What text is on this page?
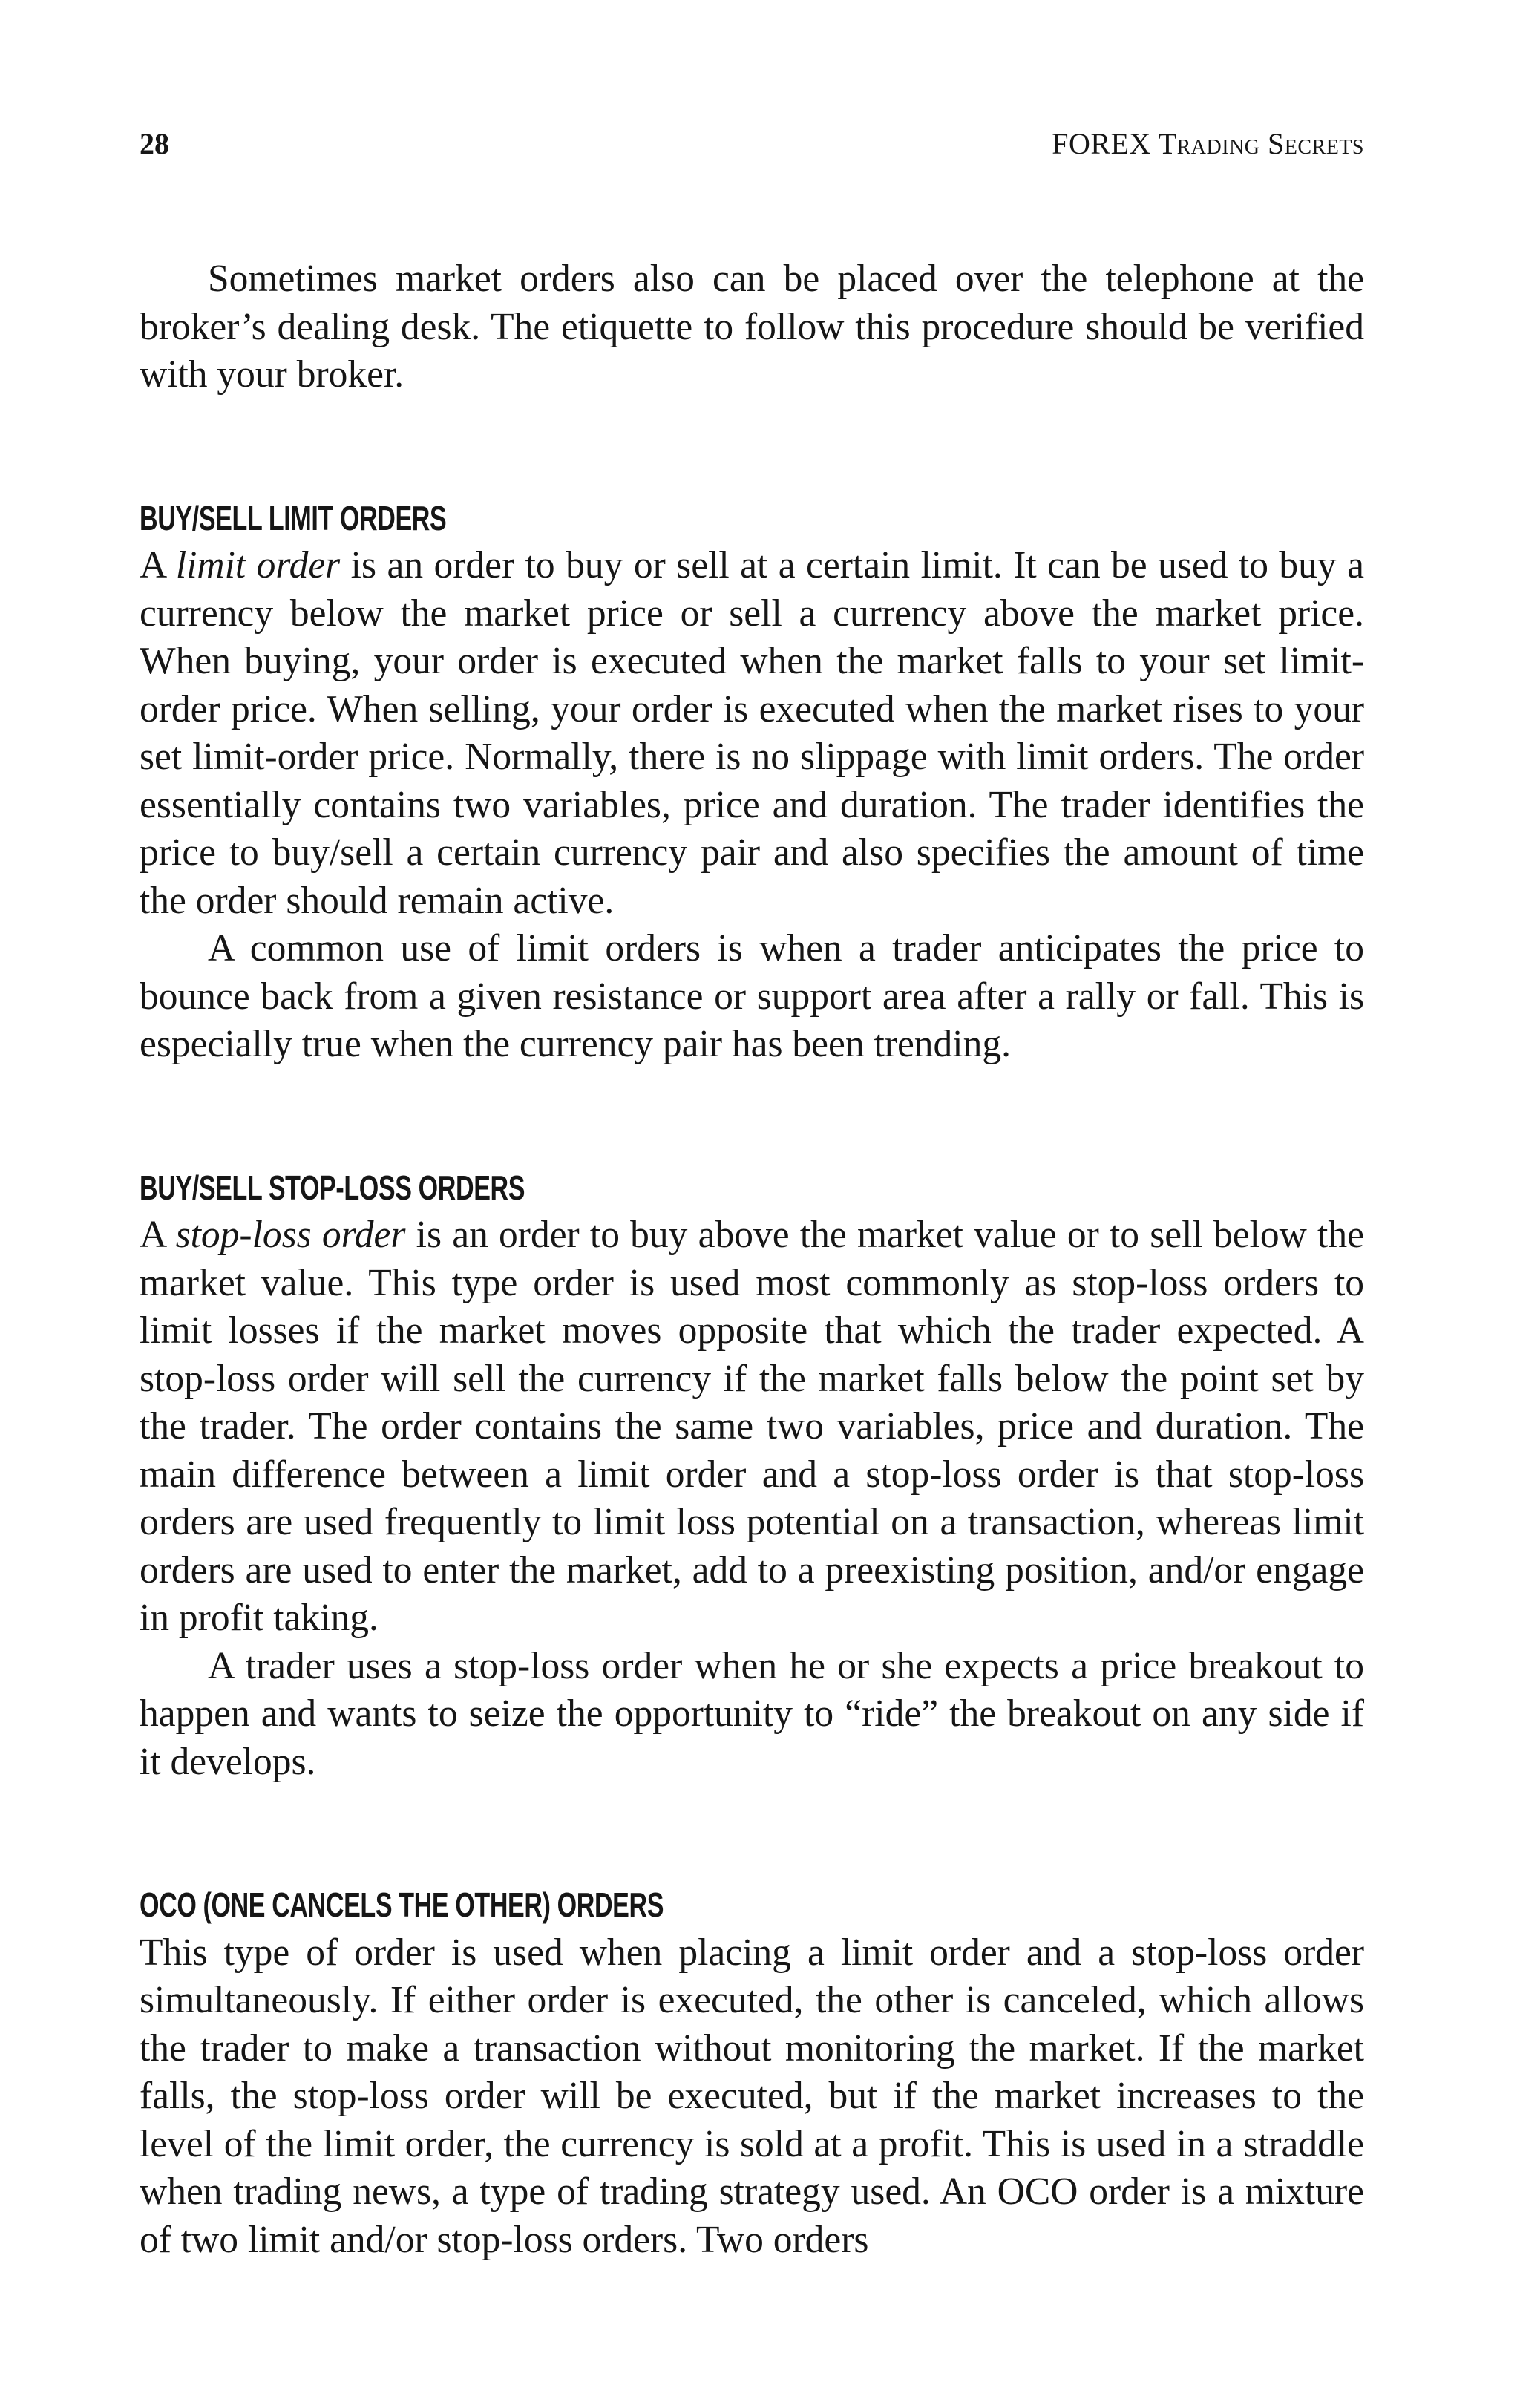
28	FOREX Trading Secrets

Sometimes market orders also can be placed over the telephone at the broker’s dealing desk. The etiquette to follow this procedure should be verified with your broker.

BUY/SELL LIMIT ORDERS

A limit order is an order to buy or sell at a certain limit. It can be used to buy a currency below the market price or sell a currency above the market price. When buying, your order is executed when the market falls to your set limit-order price. When selling, your order is executed when the market rises to your set limit-order price. Normally, there is no slippage with limit orders. The order essentially contains two variables, price and duration. The trader identifies the price to buy/sell a certain currency pair and also specifies the amount of time the order should remain active.

A common use of limit orders is when a trader anticipates the price to bounce back from a given resistance or support area after a rally or fall. This is especially true when the currency pair has been trending.

BUY/SELL STOP-LOSS ORDERS

A stop-loss order is an order to buy above the market value or to sell below the market value. This type order is used most commonly as stop-loss orders to limit losses if the market moves opposite that which the trader expected. A stop-loss order will sell the currency if the market falls below the point set by the trader. The order contains the same two variables, price and duration. The main difference between a limit order and a stop-loss order is that stop-loss orders are used frequently to limit loss potential on a transaction, whereas limit orders are used to enter the market, add to a preexisting position, and/or engage in profit taking.

A trader uses a stop-loss order when he or she expects a price breakout to happen and wants to seize the opportunity to “ride” the breakout on any side if it develops.

OCO (ONE CANCELS THE OTHER) ORDERS

This type of order is used when placing a limit order and a stop-loss order simultaneously. If either order is executed, the other is canceled, which allows the trader to make a transaction without monitoring the market. If the market falls, the stop-loss order will be executed, but if the market increases to the level of the limit order, the currency is sold at a profit. This is used in a straddle when trading news, a type of trading strategy used. An OCO order is a mixture of two limit and/or stop-loss orders. Two orders
